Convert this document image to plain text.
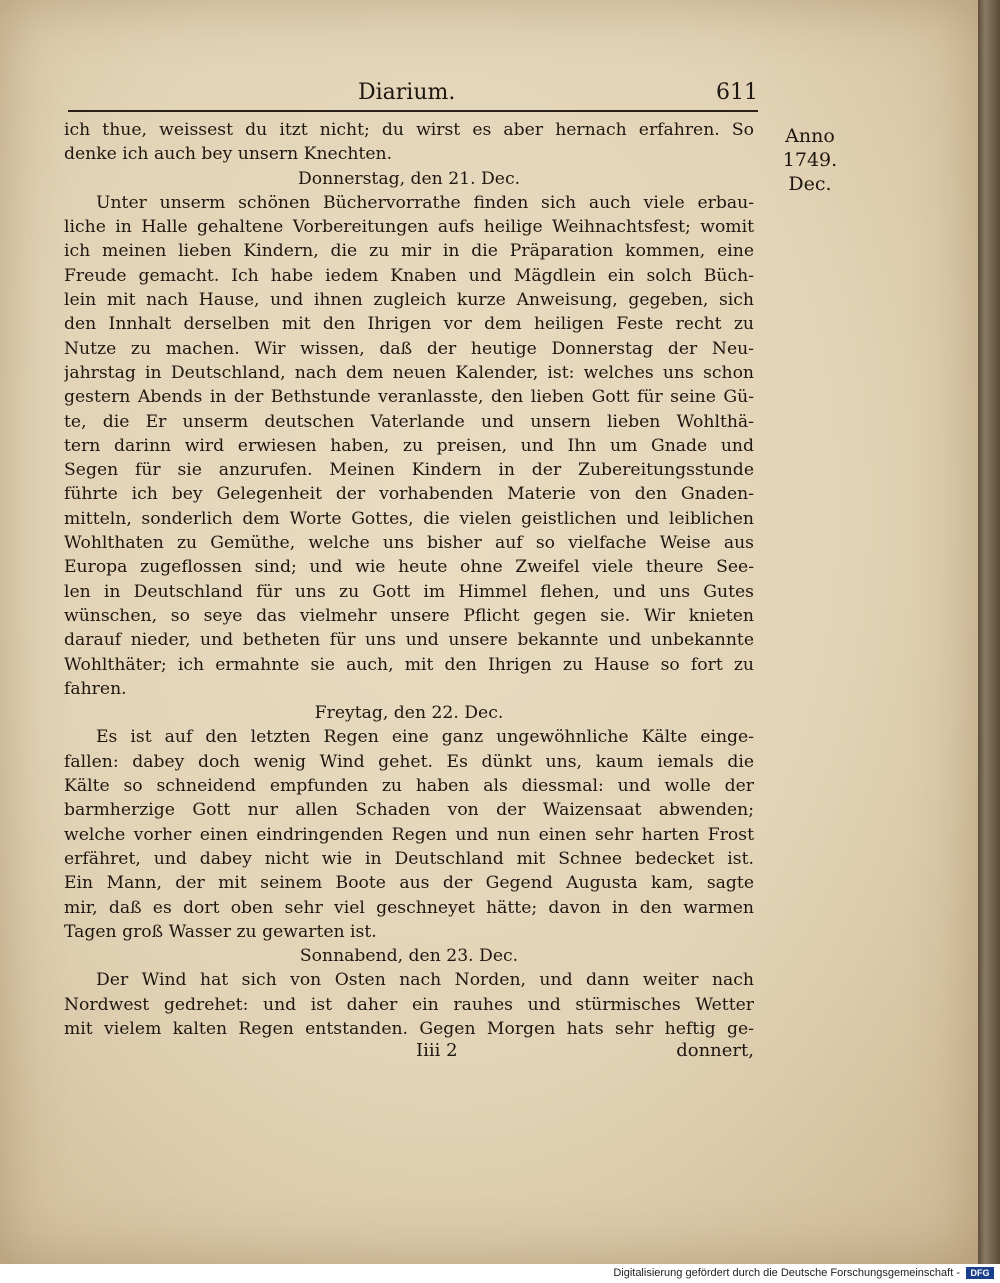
Diarium.	611
Anno
1749.
Dec.
ich thue, weissest du itzt nicht; du wirst es aber hernach erfahren. So
denke ich auch bey unsern Knechten.
Donnerstag, den 21. Dec.
Unter unserm schönen Büchervorrathe finden sich auch viele erbau-
liche in Halle gehaltene Vorbereitungen aufs heilige Weihnachtsfest; womit
ich meinen lieben Kindern, die zu mir in die Präparation kommen, eine
Freude gemacht. Ich habe iedem Knaben und Mägdlein ein solch Büch-
lein mit nach Hause, und ihnen zugleich kurze Anweisung, gegeben, sich
den Innhalt derselben mit den Ihrigen vor dem heiligen Feste recht zu
Nutze zu machen. Wir wissen, daß der heutige Donnerstag der Neu-
jahrstag in Deutschland, nach dem neuen Kalender, ist: welches uns schon
gestern Abends in der Bethstunde veranlasste, den lieben Gott für seine Gü-
te, die Er unserm deutschen Vaterlande und unsern lieben Wohlthä-
tern darinn wird erwiesen haben, zu preisen, und Ihn um Gnade und
Segen für sie anzurufen. Meinen Kindern in der Zubereitungsstunde
führte ich bey Gelegenheit der vorhabenden Materie von den Gnaden-
mitteln, sonderlich dem Worte Gottes, die vielen geistlichen und leiblichen
Wohlthaten zu Gemüthe, welche uns bisher auf so vielfache Weise aus
Europa zugeflossen sind; und wie heute ohne Zweifel viele theure See-
len in Deutschland für uns zu Gott im Himmel flehen, und uns Gutes
wünschen, so seye das vielmehr unsere Pflicht gegen sie. Wir knieten
darauf nieder, und betheten für uns und unsere bekannte und unbekannte
Wohlthäter; ich ermahnte sie auch, mit den Ihrigen zu Hause so fort zu
fahren.
Freytag, den 22. Dec.
Es ist auf den letzten Regen eine ganz ungewöhnliche Kälte einge-
fallen: dabey doch wenig Wind gehet. Es dünkt uns, kaum iemals die
Kälte so schneidend empfunden zu haben als diessmal: und wolle der
barmherzige Gott nur allen Schaden von der Waizensaat abwenden;
welche vorher einen eindringenden Regen und nun einen sehr harten Frost
erfähret, und dabey nicht wie in Deutschland mit Schnee bedecket ist.
Ein Mann, der mit seinem Boote aus der Gegend Augusta kam, sagte
mir, daß es dort oben sehr viel geschneyet hätte; davon in den warmen
Tagen groß Wasser zu gewarten ist.
Sonnabend, den 23. Dec.
Der Wind hat sich von Osten nach Norden, und dann weiter nach
Nordwest gedrehet: und ist daher ein rauhes und stürmisches Wetter
mit vielem kalten Regen entstanden. Gegen Morgen hats sehr heftig ge-
Iiii 2	donnert,
Digitalisierung gefördert durch die Deutsche Forschungsgemeinschaft -	DFG
